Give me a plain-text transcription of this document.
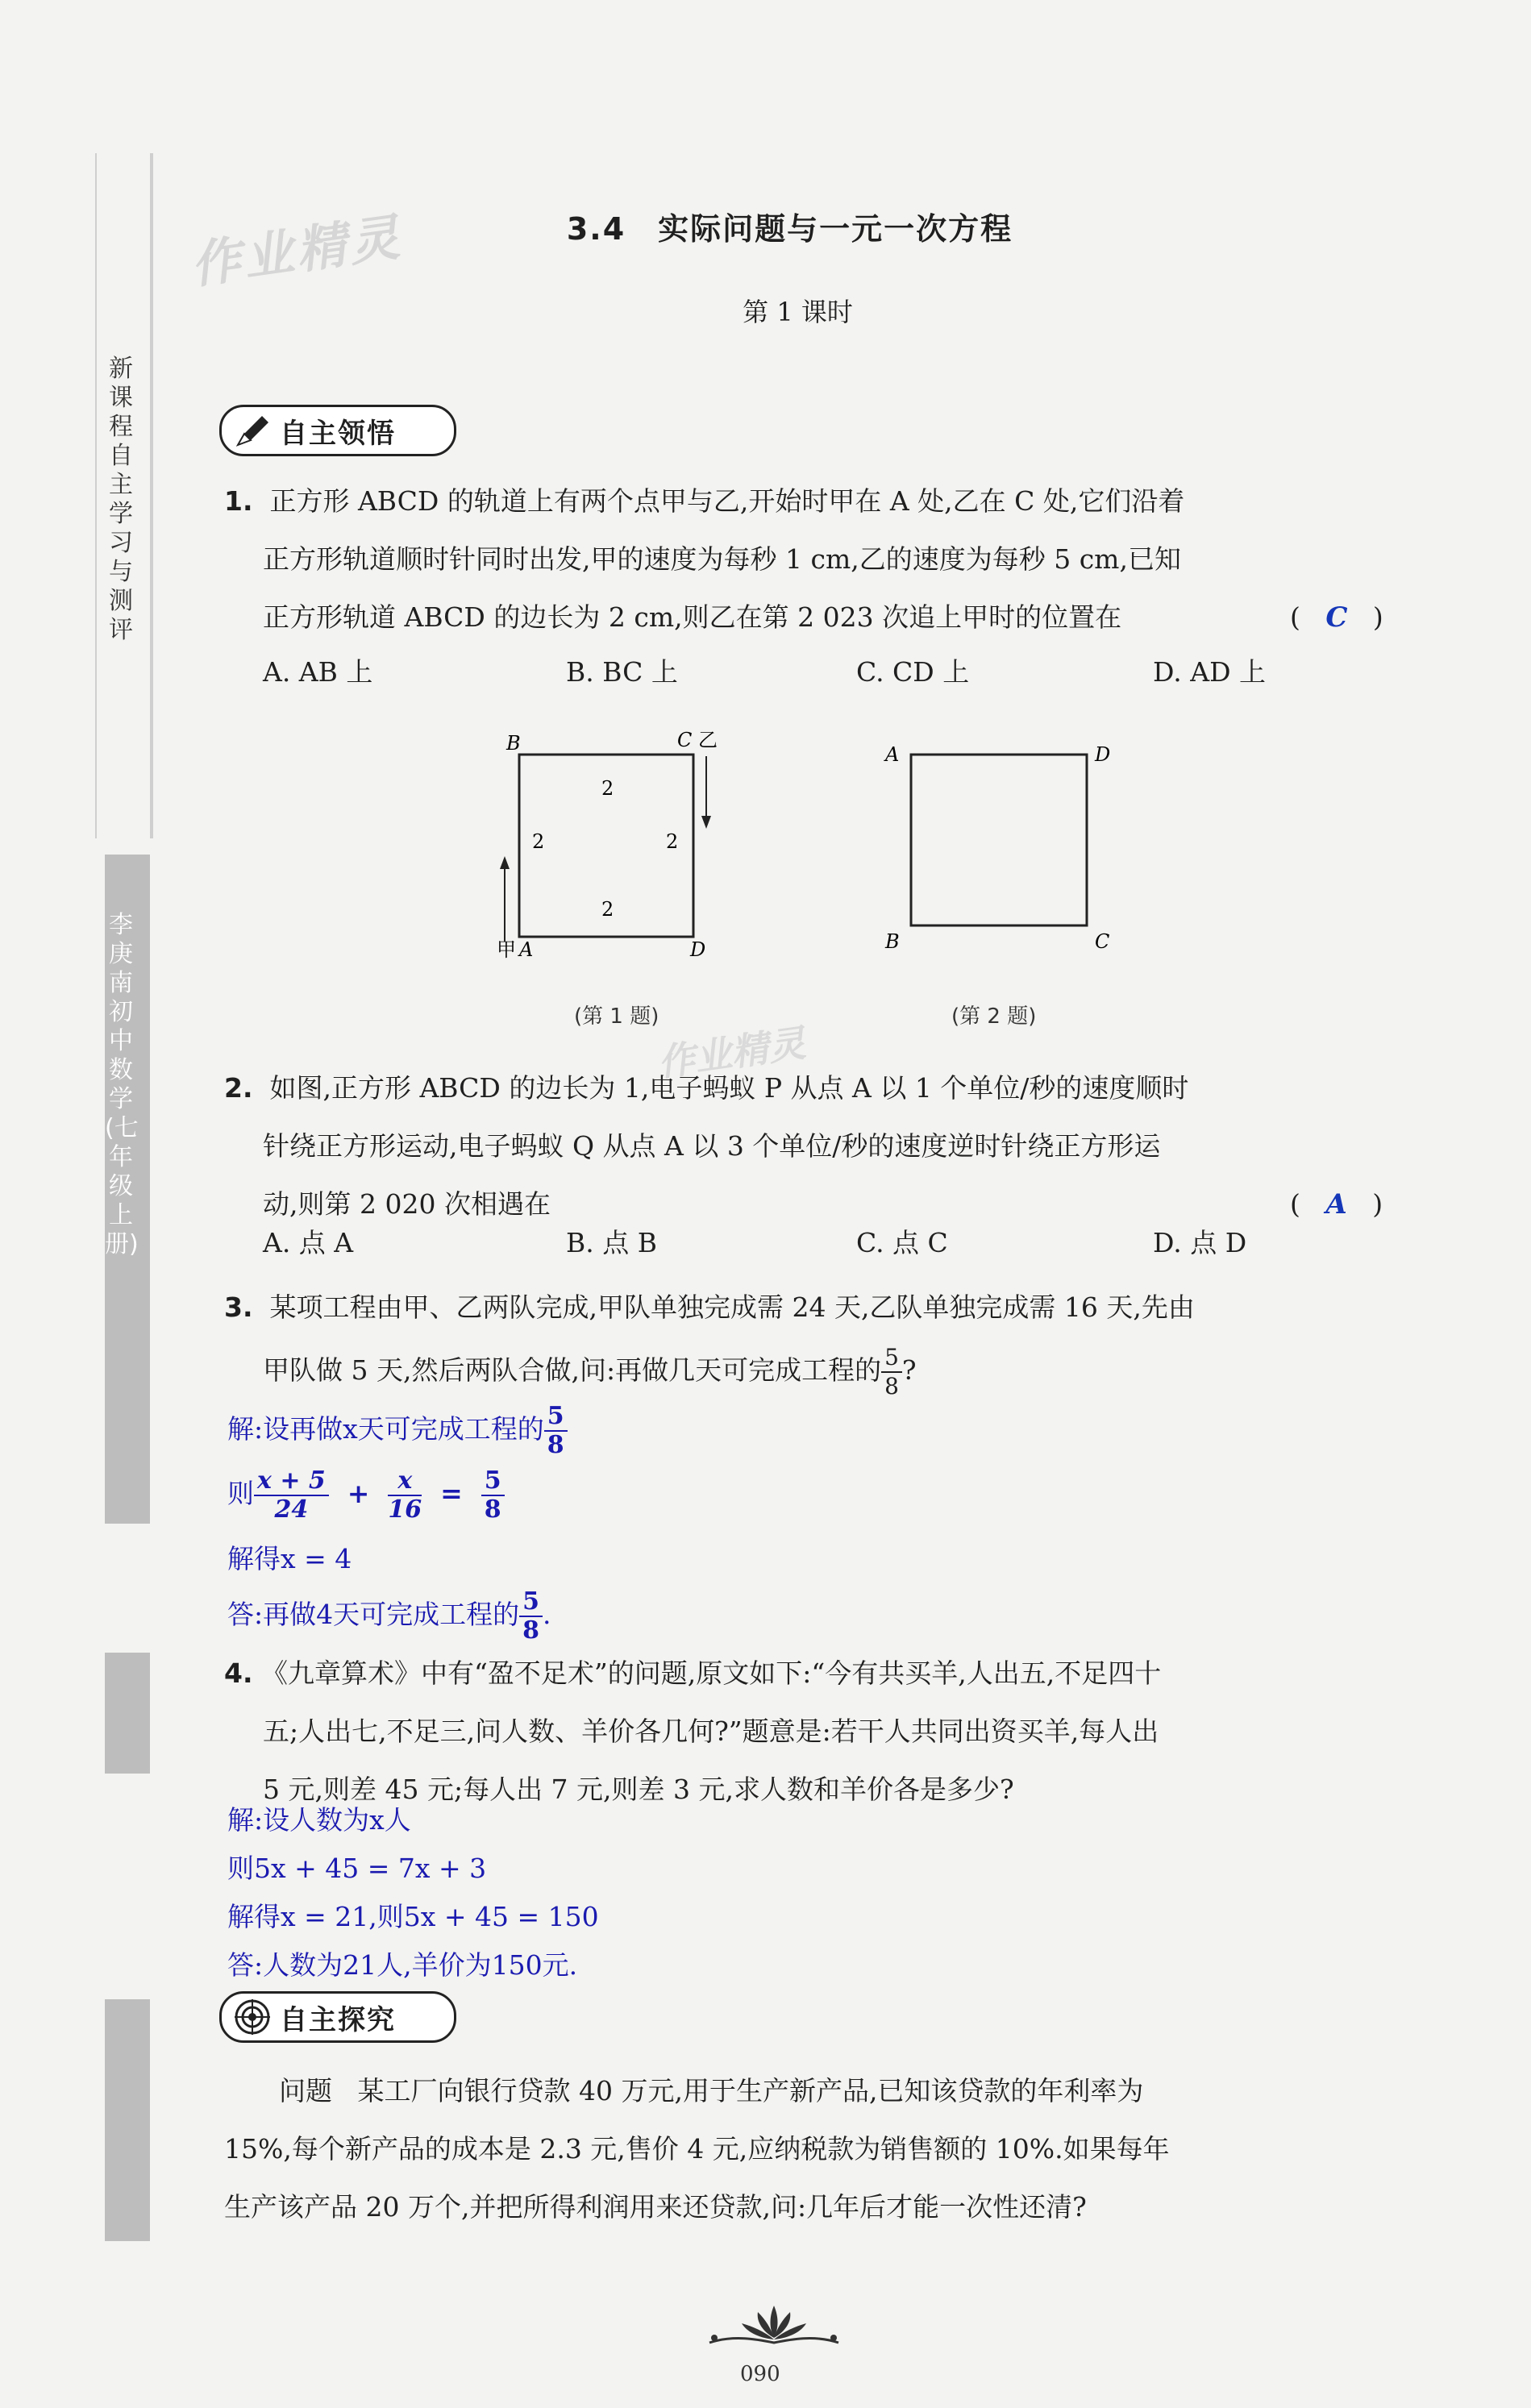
新课程自主学习与测评
李庚南初中数学(七年级上册)
作业精灵
作业精灵
3.4　实际问题与一元一次方程
第 1 课时
自主领悟
1. 正方形 ABCD 的轨道上有两个点甲与乙,开始时甲在 A 处,乙在 C 处,它们沿着
正方形轨道顺时针同时出发,甲的速度为每秒 1 cm,乙的速度为每秒 5 cm,已知
正方形轨道 ABCD 的边长为 2 cm,则乙在第 2 023 次追上甲时的位置在	(   C   )
A. AB 上	B. BC 上	C. CD 上	D. AD 上
B	C 乙
A
甲	D
2
2
2	2
(第 1 题)
A	D
B	C
(第 2 题)
2. 如图,正方形 ABCD 的边长为 1,电子蚂蚁 P 从点 A 以 1 个单位/秒的速度顺时
针绕正方形运动,电子蚂蚁 Q 从点 A 以 3 个单位/秒的速度逆时针绕正方形运
动,则第 2 020 次相遇在	(   A   )
A. 点 A	B. 点 B	C. 点 C	D. 点 D
3. 某项工程由甲、乙两队完成,甲队单独完成需 24 天,乙队单独完成需 16 天,先由
甲队做 5 天,然后两队合做,问:再做几天可完成工程的 $\frac{5}{8}$ ?
解:设再做x天可完成工程的 $\frac{5}{8}$
则 $\frac{x + 5}{24} + \frac{x}{16} = \frac{5}{8}$
解得x = 4
答:再做4天可完成工程的 $\frac{5}{8}$ .
4. 《九章算术》中有“盈不足术”的问题,原文如下:“今有共买羊,人出五,不足四十
五;人出七,不足三,问人数、羊价各几何?”题意是:若干人共同出资买羊,每人出
5 元,则差 45 元;每人出 7 元,则差 3 元,求人数和羊价各是多少?
解:设人数为x人
则5x + 45 = 7x + 3
解得x = 21,则5x + 45 = 150
答:人数为21人,羊价为150元.
自主探究
问题 某工厂向银行贷款 40 万元,用于生产新产品,已知该贷款的年利率为
15%,每个新产品的成本是 2.3 元,售价 4 元,应纳税款为销售额的 10%.如果每年
生产该产品 20 万个,并把所得利润用来还贷款,问:几年后才能一次性还清?
090
